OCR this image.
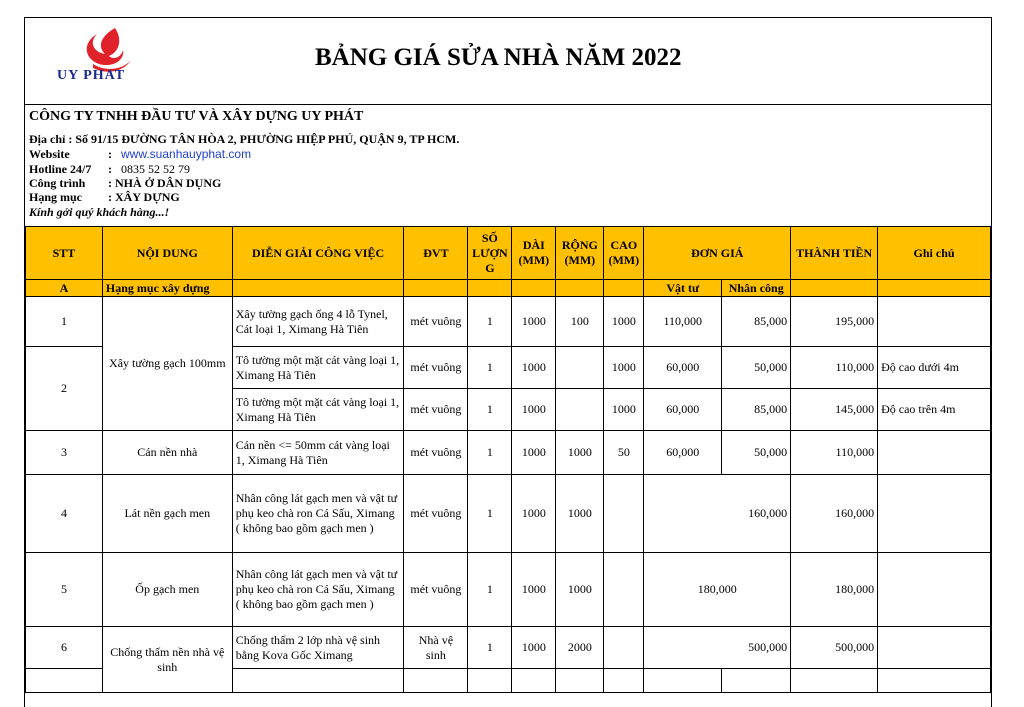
UY PHAT
BẢNG GIÁ SỬA NHÀ NĂM 2022
CÔNG TY TNHH ĐẦU TƯ VÀ XÂY DỰNG UY PHÁT
Địa chỉ : Số 91/15 ĐƯỜNG TÂN HÒA 2, PHƯỜNG HIỆP PHÚ, QUẬN 9, TP HCM.
Website	:   www.suanhauyphat.com
Hotline 24/7 :   0835 52 52 79
Công trình : NHÀ Ở DÂN DỤNG
Hạng mục : XÂY DỰNG
Kính gởi quý khách hàng...!
STT	NỘI DUNG	DIỄN GIẢI CÔNG VIỆC	ĐVT	SỐ LƯỢN G	DÀI (MM)	RỘNG (MM)	CAO (MM)	ĐƠN GIÁ		THÀNH TIỀN	Ghi chú
A	Hạng mục xây dựng							Vật tư	Nhân công		
1	Xây tường gạch 100mm	Xây tường gạch ống 4 lỗ Tynel, Cát loại 1, Ximang Hà Tiên	mét vuông	1	1000	100	1000	110,000	85,000	195,000	
2		Tô tường một mặt cát vàng loại 1, Ximang Hà Tiên	mét vuông	1	1000		1000	60,000	50,000	110,000	Độ cao dưới 4m
		Tô tường một mặt cát vàng loại 1, Ximang Hà Tiên	mét vuông	1	1000		1000	60,000	85,000	145,000	Độ cao trên 4m
3	Cán nền nhà	Cán nền <= 50mm cát vàng loại 1, Ximang Hà Tiên	mét vuông	1	1000	1000	50	60,000	50,000	110,000	
4	Lát nền gạch men	Nhân công lát gạch men và vật tư phụ keo chà ron Cá Sấu, Ximang ( không bao gồm gạch men )	mét vuông	1	1000	1000		160,000		160,000	
5	Ốp gạch men	Nhân công lát gạch men và vật tư phụ keo chà ron Cá Sấu, Ximang ( không bao gồm gạch men )	mét vuông	1	1000	1000		180,000		180,000	
6	Chống thấm nền nhà vệ sinh	Chống thấm 2 lớp nhà vệ sinh bằng Kova Gốc Ximang	Nhà vệ sinh	1	1000	2000		500,000		500,000	
